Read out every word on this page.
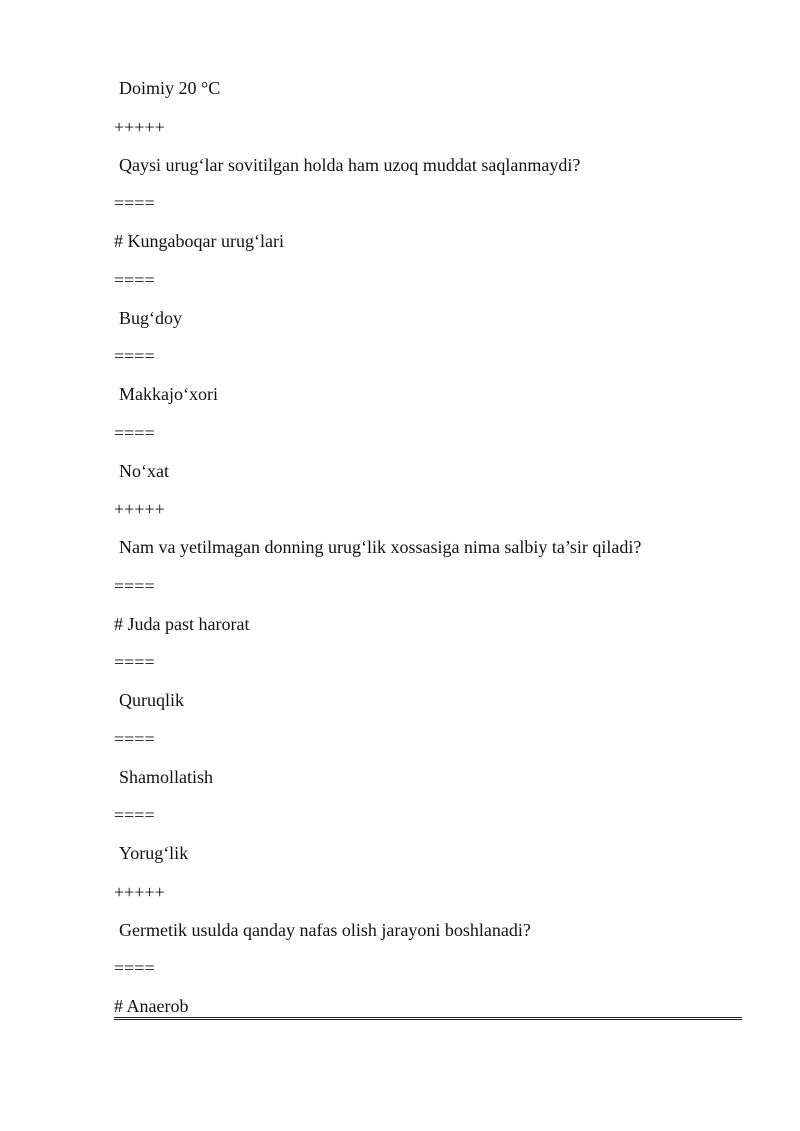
Doimiy 20 °C
+++++
Qaysi urug‘lar sovitilgan holda ham uzoq muddat saqlanmaydi?
====
# Kungaboqar urug‘lari
====
Bug‘doy
====
Makkajo‘xori
====
No‘xat
+++++
Nam va yetilmagan donning urug‘lik xossasiga nima salbiy ta’sir qiladi?
====
# Juda past harorat
====
Quruqlik
====
Shamollatish
====
Yorug‘lik
+++++
Germetik usulda qanday nafas olish jarayoni boshlanadi?
====
# Anaerob
